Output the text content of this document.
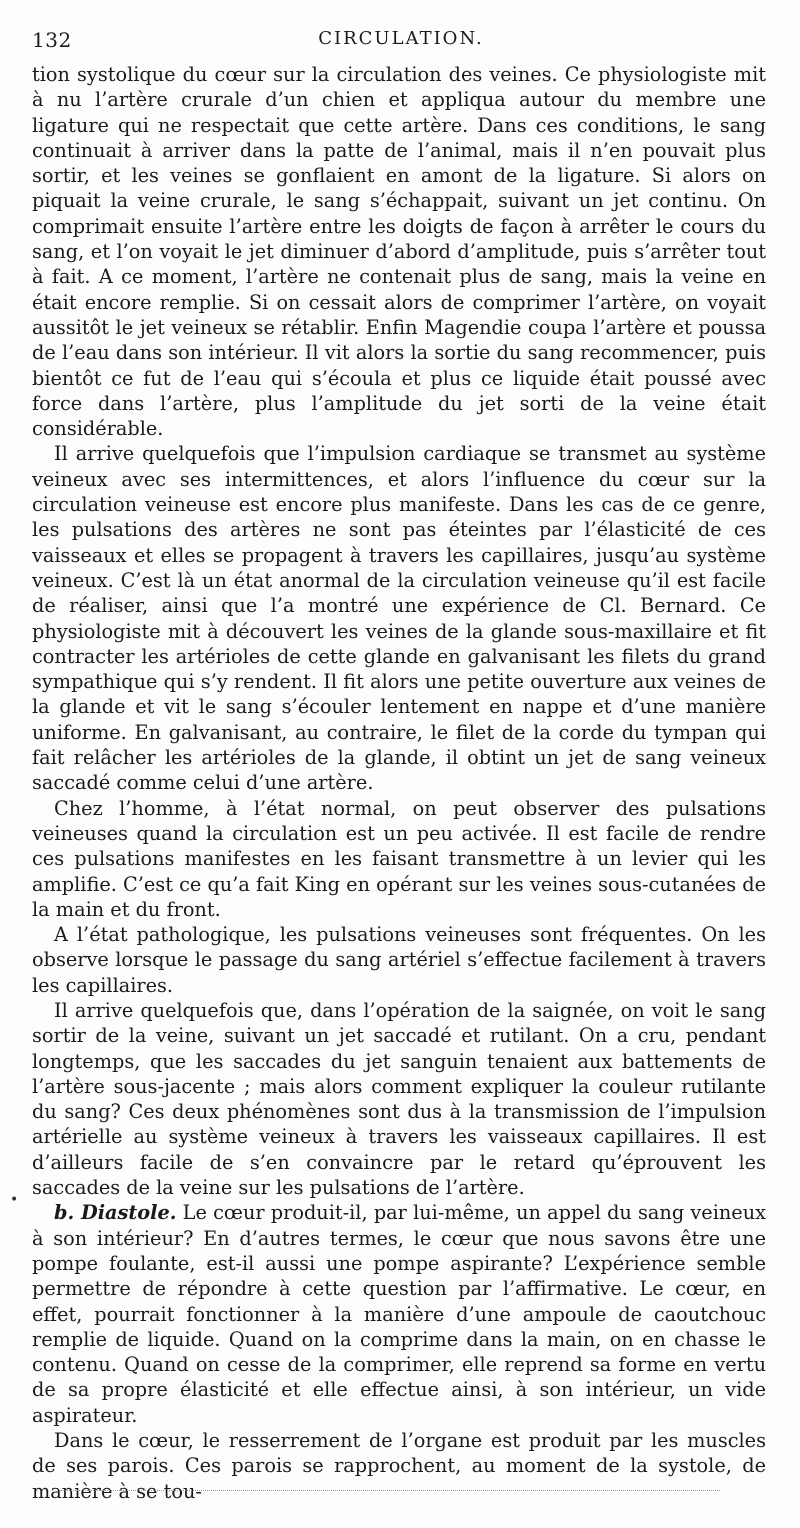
132	CIRCULATION.
•

tion systolique du cœur sur la circulation des veines. Ce physiologiste mit à nu l’artère crurale d’un chien et appliqua autour du membre une ligature qui ne respectait que cette artère. Dans ces conditions, le sang continuait à arriver dans la patte de l’animal, mais il n’en pouvait plus sortir, et les veines se gonflaient en amont de la ligature. Si alors on piquait la veine crurale, le sang s’échappait, suivant un jet continu. On comprimait ensuite l’artère entre les doigts de façon à arrêter le cours du sang, et l’on voyait le jet diminuer d’abord d’amplitude, puis s’arrêter tout à fait. A ce moment, l’artère ne contenait plus de sang, mais la veine en était encore remplie. Si on cessait alors de comprimer l’artère, on voyait aussitôt le jet veineux se rétablir. Enfin Magendie coupa l’artère et poussa de l’eau dans son intérieur. Il vit alors la sortie du sang recommencer, puis bientôt ce fut de l’eau qui s’écoula et plus ce liquide était poussé avec force dans l’artère, plus l’amplitude du jet sorti de la veine était considérable.

Il arrive quelquefois que l’impulsion cardiaque se transmet au système veineux avec ses intermittences, et alors l’influence du cœur sur la circulation veineuse est encore plus manifeste. Dans les cas de ce genre, les pulsations des artères ne sont pas éteintes par l’élasticité de ces vaisseaux et elles se propagent à travers les capillaires, jusqu’au système veineux. C’est là un état anormal de la circulation veineuse qu’il est facile de réaliser, ainsi que l’a montré une expérience de Cl. Bernard. Ce physiologiste mit à découvert les veines de la glande sous-maxillaire et fit contracter les artérioles de cette glande en galvanisant les filets du grand sympathique qui s’y rendent. Il fit alors une petite ouverture aux veines de la glande et vit le sang s’écouler lentement en nappe et d’une manière uniforme. En galvanisant, au contraire, le filet de la corde du tympan qui fait relâcher les artérioles de la glande, il obtint un jet de sang veineux saccadé comme celui d’une artère.

Chez l’homme, à l’état normal, on peut observer des pulsations veineuses quand la circulation est un peu activée. Il est facile de rendre ces pulsations manifestes en les faisant transmettre à un levier qui les amplifie. C’est ce qu’a fait King en opérant sur les veines sous-cutanées de la main et du front.

A l’état pathologique, les pulsations veineuses sont fréquentes. On les observe lorsque le passage du sang artériel s’effectue facilement à travers les capillaires.

Il arrive quelquefois que, dans l’opération de la saignée, on voit le sang sortir de la veine, suivant un jet saccadé et rutilant. On a cru, pendant longtemps, que les saccades du jet sanguin tenaient aux battements de l’artère sous-jacente ; mais alors comment expliquer la couleur rutilante du sang? Ces deux phénomènes sont dus à la transmission de l’impulsion artérielle au système veineux à travers les vaisseaux capillaires. Il est d’ailleurs facile de s’en convaincre par le retard qu’éprouvent les saccades de la veine sur les pulsations de l’artère.

b. Diastole. Le cœur produit-il, par lui-même, un appel du sang veineux à son intérieur? En d’autres termes, le cœur que nous savons être une pompe foulante, est-il aussi une pompe aspirante? L’expérience semble permettre de répondre à cette question par l’affirmative. Le cœur, en effet, pourrait fonctionner à la manière d’une ampoule de caoutchouc remplie de liquide. Quand on la comprime dans la main, on en chasse le contenu. Quand on cesse de la comprimer, elle reprend sa forme en vertu de sa propre élasticité et elle effectue ainsi, à son intérieur, un vide aspirateur.

Dans le cœur, le resserrement de l’organe est produit par les muscles de ses parois. Ces parois se rapprochent, au moment de la systole, de manière à se tou-
